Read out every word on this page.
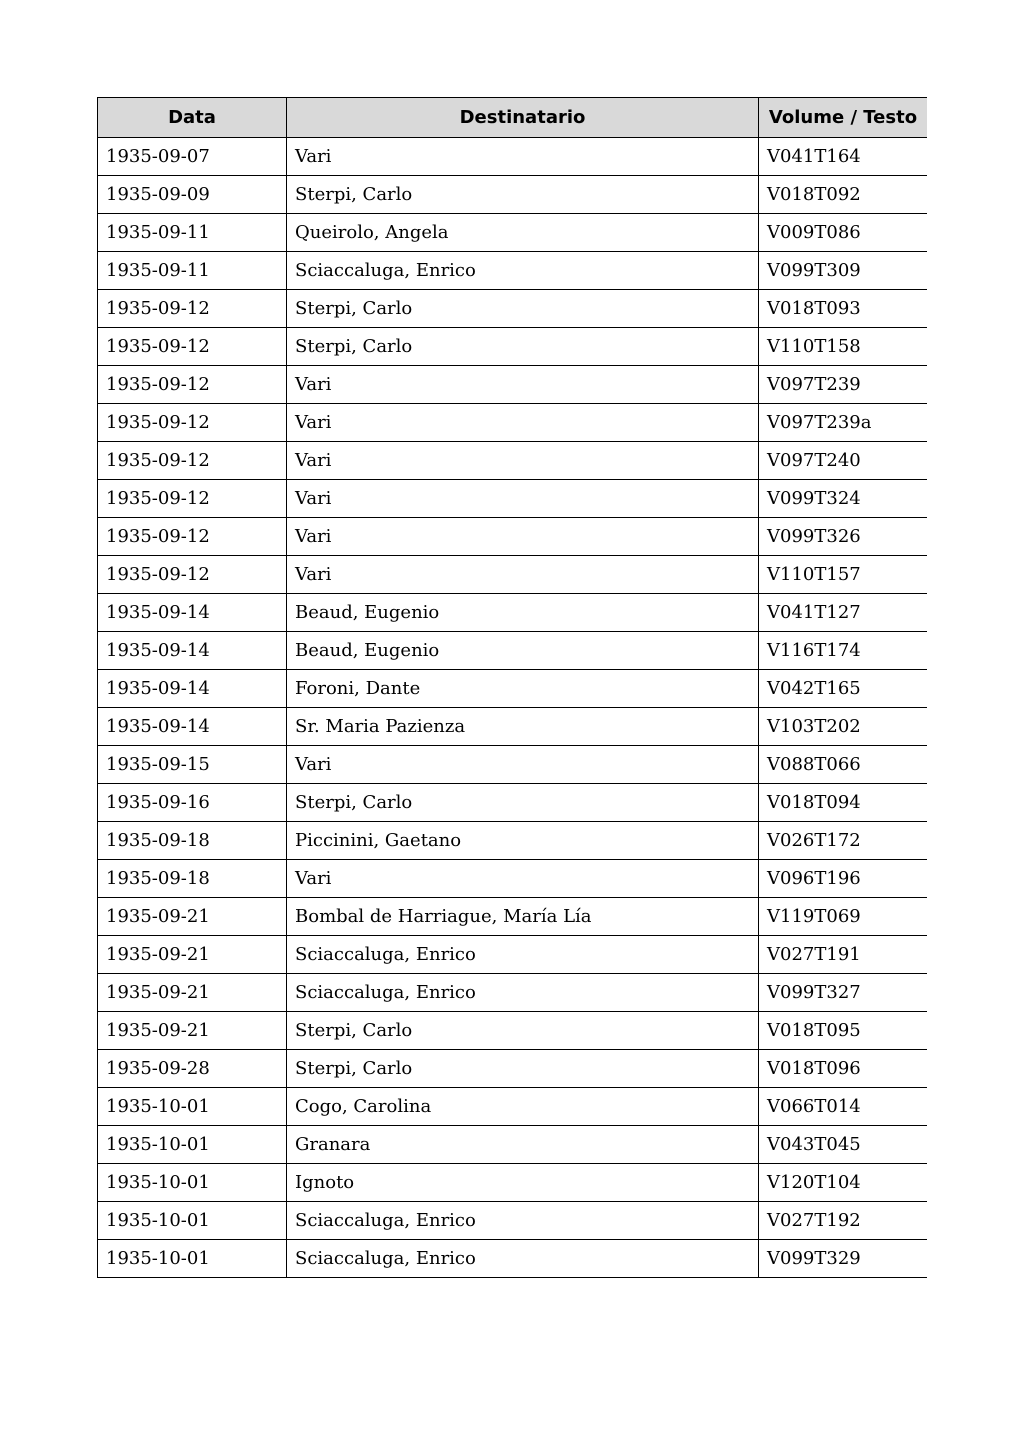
Data	Destinatario	Volume / Testo
1935-09-07	Vari	V041T164
1935-09-09	Sterpi, Carlo	V018T092
1935-09-11	Queirolo, Angela	V009T086
1935-09-11	Sciaccaluga, Enrico	V099T309
1935-09-12	Sterpi, Carlo	V018T093
1935-09-12	Sterpi, Carlo	V110T158
1935-09-12	Vari	V097T239
1935-09-12	Vari	V097T239a
1935-09-12	Vari	V097T240
1935-09-12	Vari	V099T324
1935-09-12	Vari	V099T326
1935-09-12	Vari	V110T157
1935-09-14	Beaud, Eugenio	V041T127
1935-09-14	Beaud, Eugenio	V116T174
1935-09-14	Foroni, Dante	V042T165
1935-09-14	Sr. Maria Pazienza	V103T202
1935-09-15	Vari	V088T066
1935-09-16	Sterpi, Carlo	V018T094
1935-09-18	Piccinini, Gaetano	V026T172
1935-09-18	Vari	V096T196
1935-09-21	Bombal de Harriague, María Lía	V119T069
1935-09-21	Sciaccaluga, Enrico	V027T191
1935-09-21	Sciaccaluga, Enrico	V099T327
1935-09-21	Sterpi, Carlo	V018T095
1935-09-28	Sterpi, Carlo	V018T096
1935-10-01	Cogo, Carolina	V066T014
1935-10-01	Granara	V043T045
1935-10-01	Ignoto	V120T104
1935-10-01	Sciaccaluga, Enrico	V027T192
1935-10-01	Sciaccaluga, Enrico	V099T329
